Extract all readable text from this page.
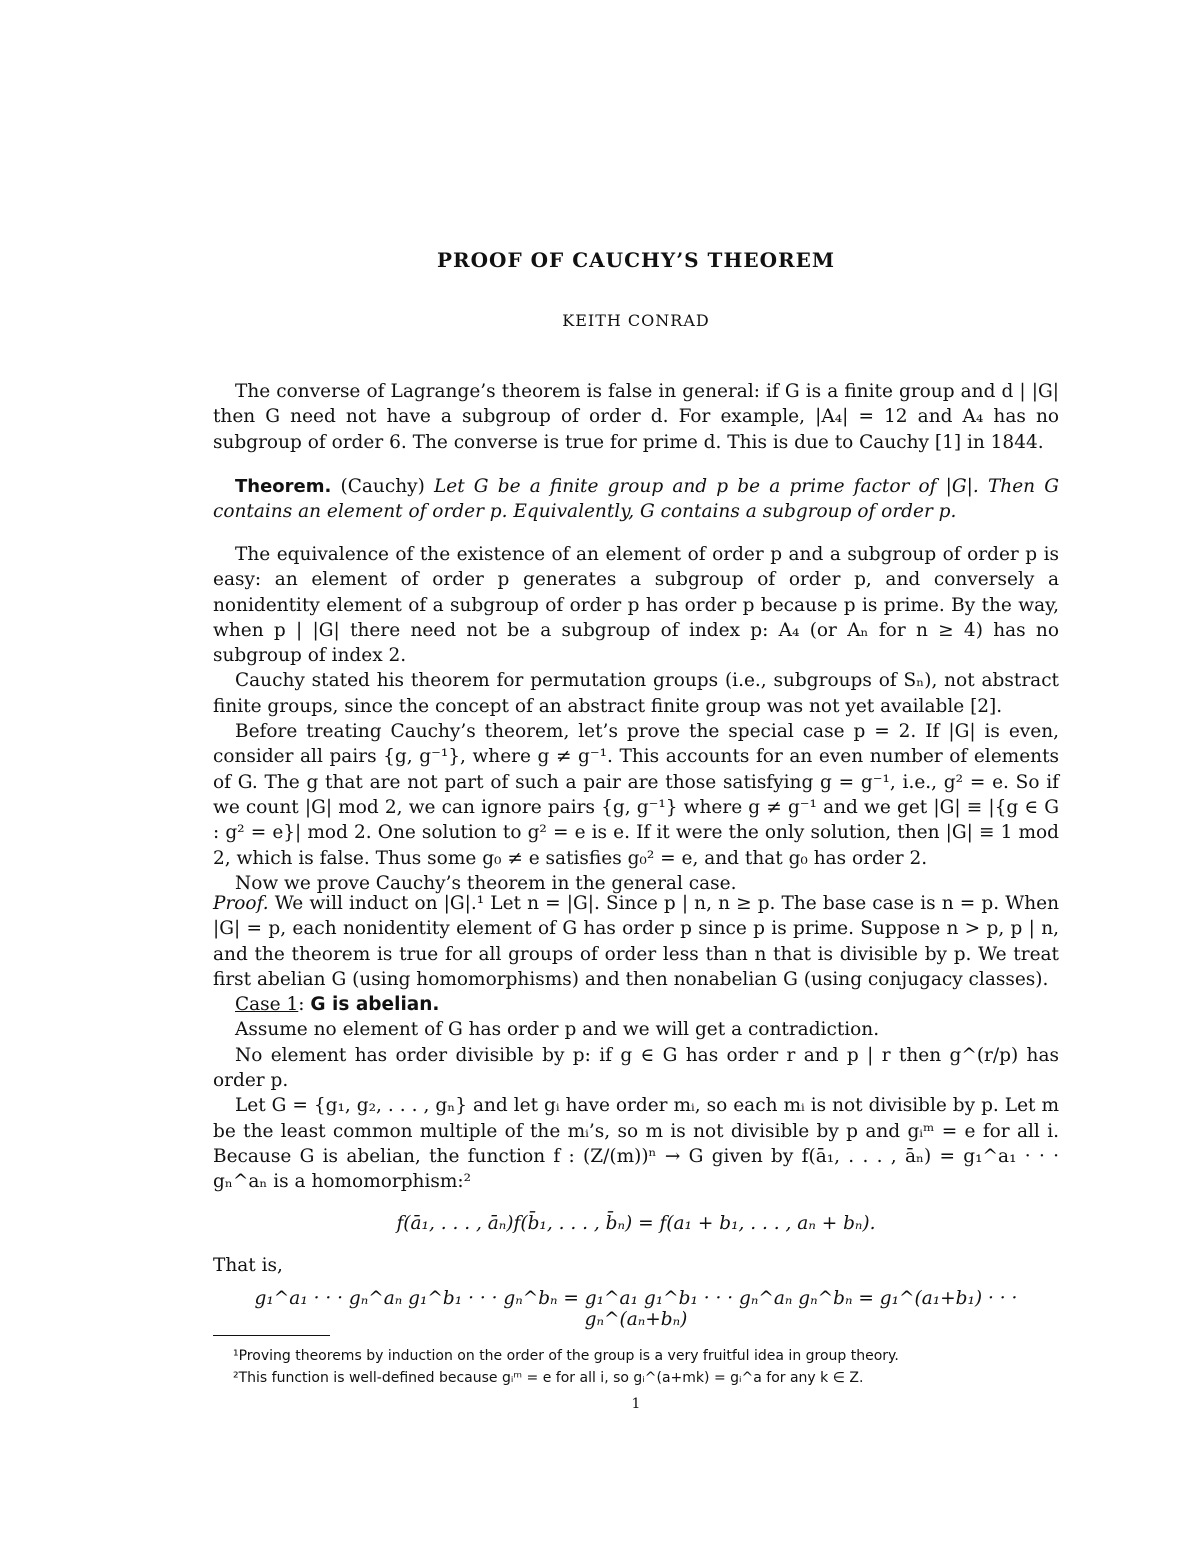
PROOF OF CAUCHY’S THEOREM
KEITH CONRAD
The converse of Lagrange’s theorem is false in general: if G is a finite group and d | |G| then G need not have a subgroup of order d. For example, |A₄| = 12 and A₄ has no subgroup of order 6. The converse is true for prime d. This is due to Cauchy [1] in 1844.
Theorem. (Cauchy) Let G be a finite group and p be a prime factor of |G|. Then G contains an element of order p. Equivalently, G contains a subgroup of order p.

The equivalence of the existence of an element of order p and a subgroup of order p is easy: an element of order p generates a subgroup of order p, and conversely a nonidentity element of a subgroup of order p has order p because p is prime. By the way, when p | |G| there need not be a subgroup of index p: A₄ (or Aₙ for n ≥ 4) has no subgroup of index 2.

Cauchy stated his theorem for permutation groups (i.e., subgroups of Sₙ), not abstract finite groups, since the concept of an abstract finite group was not yet available [2].

Before treating Cauchy’s theorem, let’s prove the special case p = 2. If |G| is even, consider all pairs {g, g⁻¹}, where g ≠ g⁻¹. This accounts for an even number of elements of G. The g that are not part of such a pair are those satisfying g = g⁻¹, i.e., g² = e. So if we count |G| mod 2, we can ignore pairs {g, g⁻¹} where g ≠ g⁻¹ and we get |G| ≡ |{g ∈ G : g² = e}| mod 2. One solution to g² = e is e. If it were the only solution, then |G| ≡ 1 mod 2, which is false. Thus some g₀ ≠ e satisfies g₀² = e, and that g₀ has order 2.

Now we prove Cauchy’s theorem in the general case.

Proof. We will induct on |G|.¹ Let n = |G|. Since p | n, n ≥ p. The base case is n = p. When |G| = p, each nonidentity element of G has order p since p is prime. Suppose n > p, p | n, and the theorem is true for all groups of order less than n that is divisible by p. We treat first abelian G (using homomorphisms) and then nonabelian G (using conjugacy classes).

Case 1: G is abelian.

Assume no element of G has order p and we will get a contradiction.

No element has order divisible by p: if g ∈ G has order r and p | r then g^(r/p) has order p.

Let G = {g₁, g₂, . . . , gₙ} and let gᵢ have order mᵢ, so each mᵢ is not divisible by p. Let m be the least common multiple of the mᵢ’s, so m is not divisible by p and gᵢᵐ = e for all i. Because G is abelian, the function f : (Z/(m))ⁿ → G given by f(ā₁, . . . , āₙ) = g₁^a₁ · · · gₙ^aₙ is a homomorphism:²

f(ā₁, . . . , āₙ)f(b̄₁, . . . , b̄ₙ) = f(a₁ + b₁, . . . , aₙ + bₙ).
That is,
g₁^a₁ · · · gₙ^aₙ g₁^b₁ · · · gₙ^bₙ = g₁^a₁ g₁^b₁ · · · gₙ^aₙ gₙ^bₙ = g₁^(a₁+b₁) · · · gₙ^(aₙ+bₙ)
¹Proving theorems by induction on the order of the group is a very fruitful idea in group theory.
²This function is well-defined because gᵢᵐ = e for all i, so gᵢ^(a+mk) = gᵢ^a for any k ∈ Z.
1
